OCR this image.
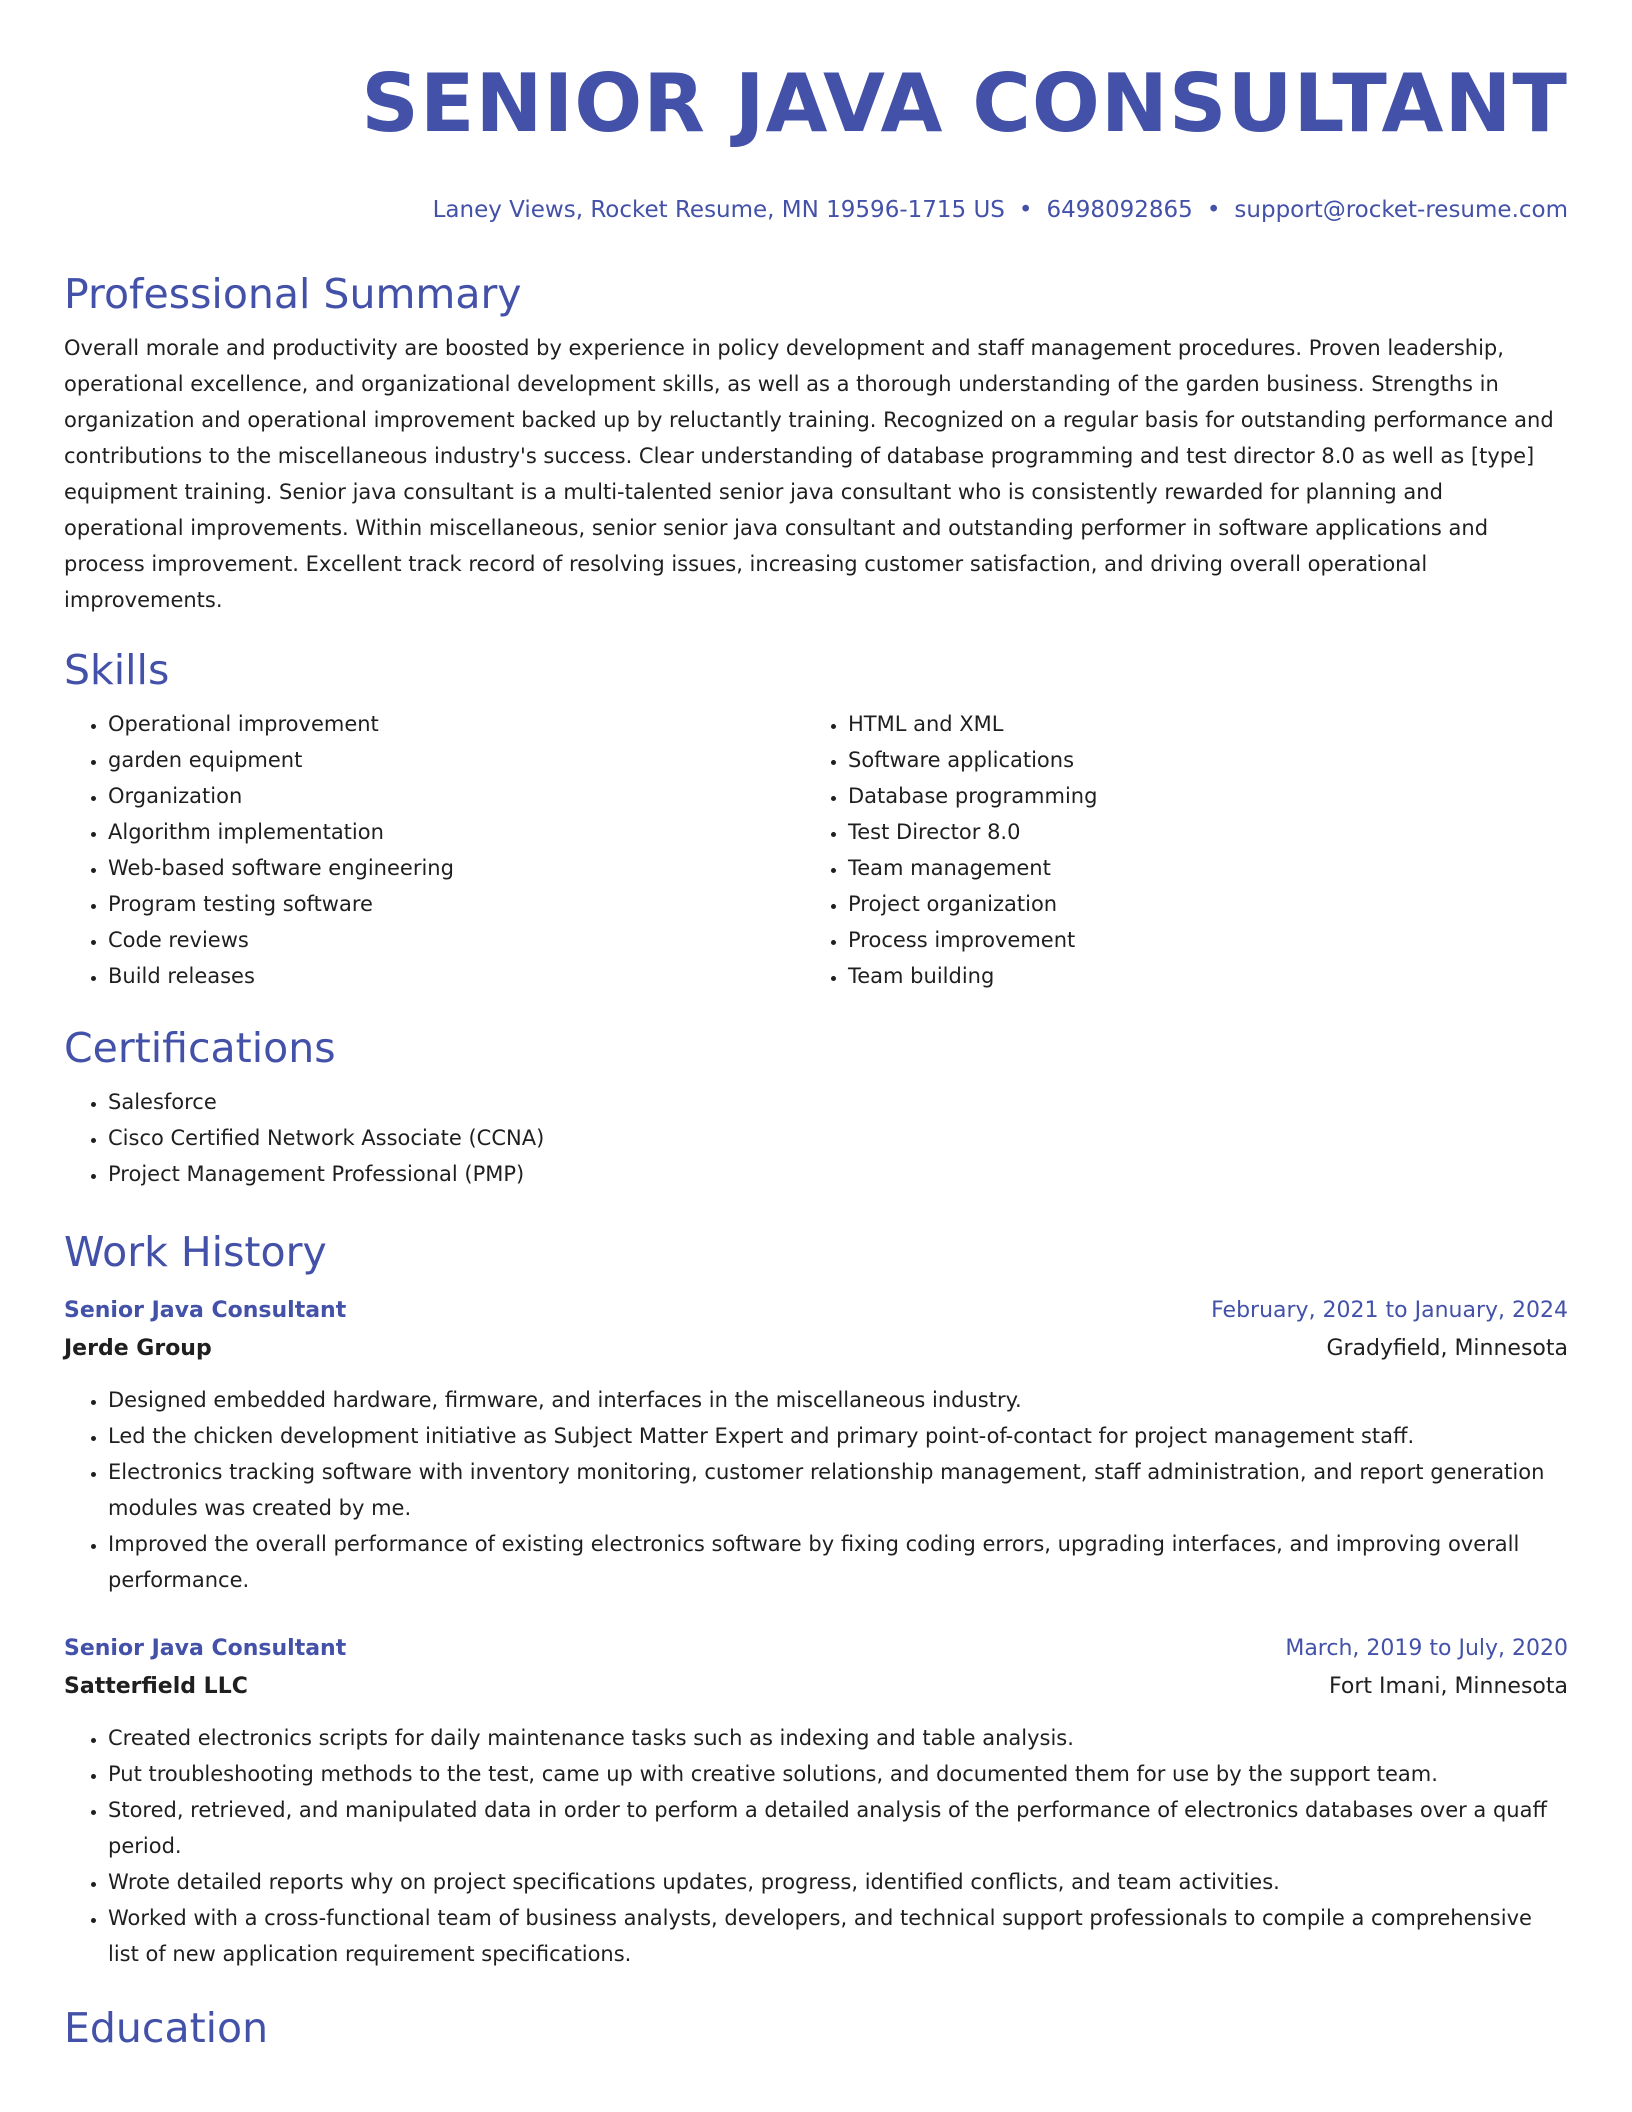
SENIOR JAVA CONSULTANT
Laney Views, Rocket Resume, MN 19596-1715 US • 6498092865 • support@rocket-resume.com
Professional Summary

Overall morale and productivity are boosted by experience in policy development and staff management procedures. Proven leadership, operational excellence, and organizational development skills, as well as a thorough understanding of the garden business. Strengths in organization and operational improvement backed up by reluctantly training. Recognized on a regular basis for outstanding performance and contributions to the miscellaneous industry's success. Clear understanding of database programming and test director 8.0 as well as [type] equipment training. Senior java consultant is a multi-talented senior java consultant who is consistently rewarded for planning and operational improvements. Within miscellaneous, senior senior java consultant and outstanding performer in software applications and process improvement. Excellent track record of resolving issues, increasing customer satisfaction, and driving overall operational improvements.

Skills
• Operational improvement
• garden equipment
• Organization
• Algorithm implementation
• Web-based software engineering
• Program testing software
• Code reviews
• Build releases
• HTML and XML
• Software applications
• Database programming
• Test Director 8.0
• Team management
• Project organization
• Process improvement
• Team building
Certifications
• Salesforce
• Cisco Certified Network Associate (CCNA)
• Project Management Professional (PMP)
Work History
Senior Java Consultant	February, 2021 to January, 2024
Jerde Group	Gradyfield, Minnesota
• Designed embedded hardware, firmware, and interfaces in the miscellaneous industry.
• Led the chicken development initiative as Subject Matter Expert and primary point-of-contact for project management staff.
• Electronics tracking software with inventory monitoring, customer relationship management, staff administration, and report generation modules was created by me.
• Improved the overall performance of existing electronics software by fixing coding errors, upgrading interfaces, and improving overall performance.
Senior Java Consultant	March, 2019 to July, 2020
Satterfield LLC	Fort Imani, Minnesota
• Created electronics scripts for daily maintenance tasks such as indexing and table analysis.
• Put troubleshooting methods to the test, came up with creative solutions, and documented them for use by the support team.
• Stored, retrieved, and manipulated data in order to perform a detailed analysis of the performance of electronics databases over a quaff period.
• Wrote detailed reports why on project specifications updates, progress, identified conflicts, and team activities.
• Worked with a cross-functional team of business analysts, developers, and technical support professionals to compile a comprehensive list of new application requirement specifications.
Education
